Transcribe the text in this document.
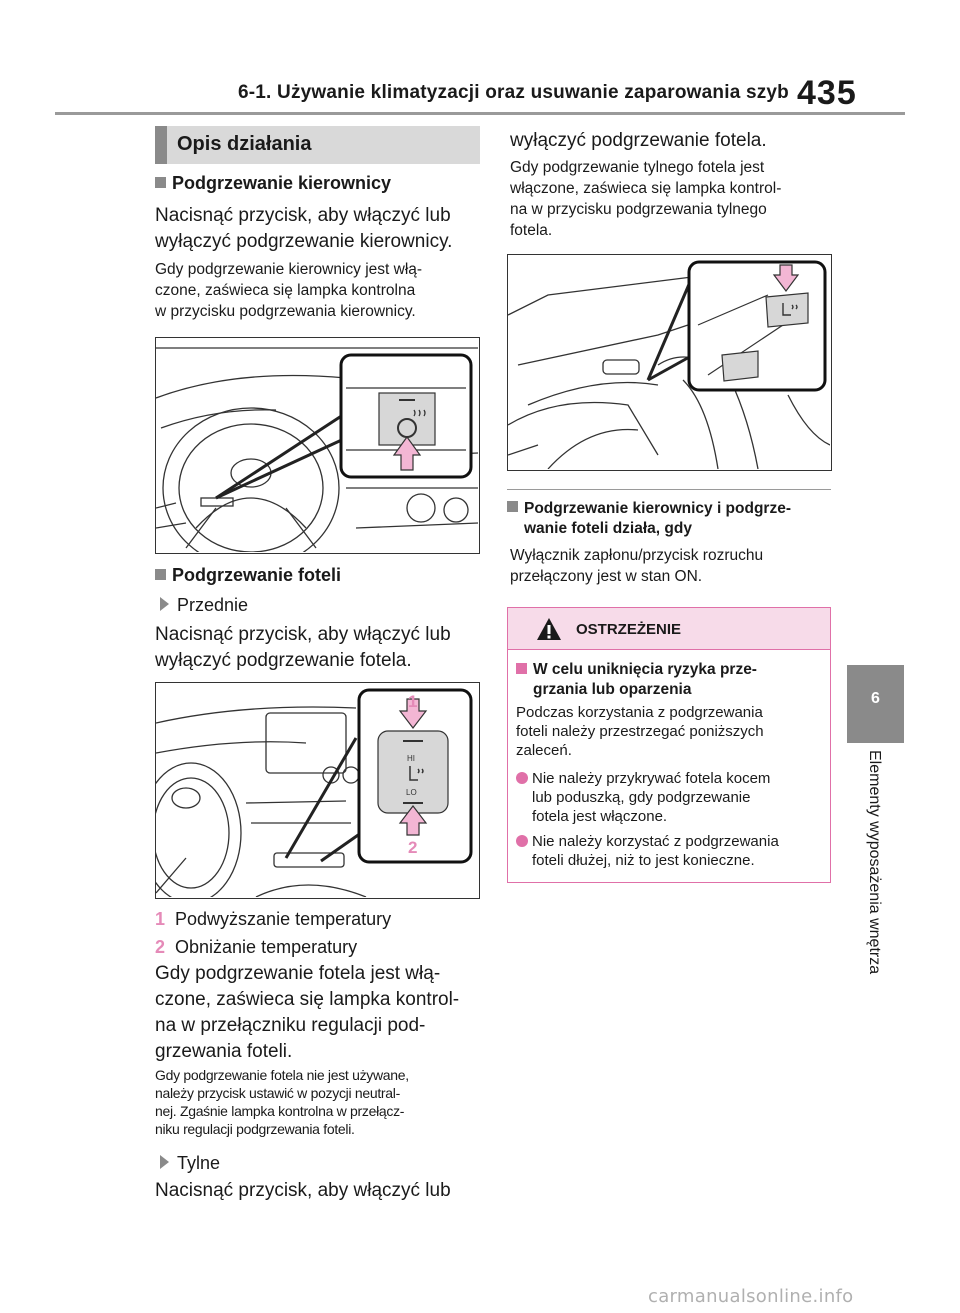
6-1. Używanie klimatyzacji oraz usuwanie zaparowania szyb 435
6
Elementy wyposażenia wnętrza
Opis działania
Podgrzewanie kierownicy
Nacisnąć przycisk, aby włączyć lub
wyłączyć podgrzewanie kierownicy.
Gdy podgrzewanie kierownicy jest włą-
czone, zaświeca się lampka kontrolna
w przycisku podgrzewania kierownicy.
Podgrzewanie foteli
Przednie
Nacisnąć przycisk, aby włączyć lub
wyłączyć podgrzewanie fotela.
HI
LO
1
2
1 Podwyższanie temperatury
2 Obniżanie temperatury
Gdy podgrzewanie fotela jest włą-
czone, zaświeca się lampka kontrol-
na w przełączniku regulacji pod-
grzewania foteli.
Gdy podgrzewanie fotela nie jest używane,
należy przycisk ustawić w pozycji neutral-
nej. Zgaśnie lampka kontrolna w przełącz-
niku regulacji podgrzewania foteli.
Tylne
Nacisnąć przycisk, aby włączyć lub
wyłączyć podgrzewanie fotela.
Gdy podgrzewanie tylnego fotela jest
włączone, zaświeca się lampka kontrol-
na w przycisku podgrzewania tylnego
fotela.
Podgrzewanie kierownicy i podgrze-
wanie foteli działa, gdy
Wyłącznik zapłonu/przycisk rozruchu
przełączony jest w stan ON.
OSTRZEŻENIE
W celu uniknięcia ryzyka prze-
grzania lub oparzenia
Podczas korzystania z podgrzewania
foteli należy przestrzegać poniższych
zaleceń.
Nie należy przykrywać fotela kocem
lub poduszką, gdy podgrzewanie
fotela jest włączone.
Nie należy korzystać z podgrzewania
foteli dłużej, niż to jest konieczne.
carmanualsonline.info
